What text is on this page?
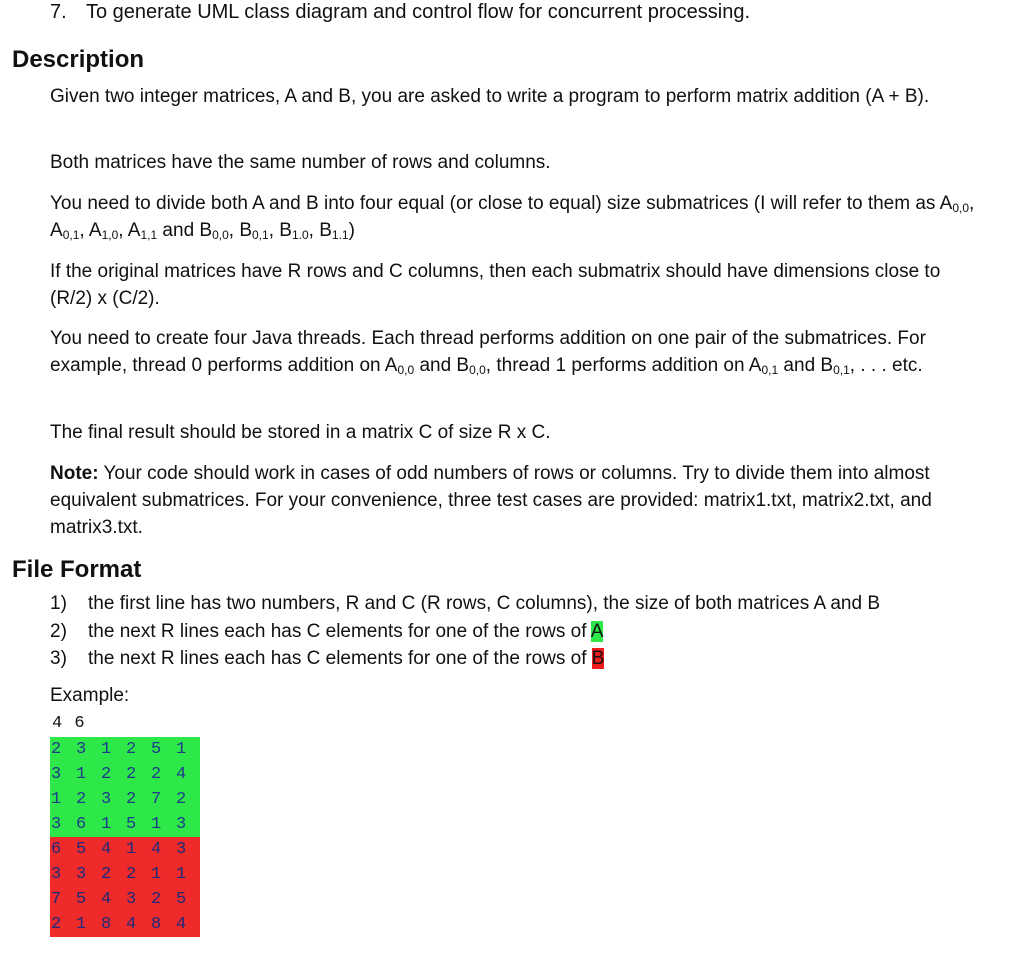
7. To generate UML class diagram and control flow for concurrent processing.
Description
Given two integer matrices, A and B, you are asked to write a program to perform matrix addition (A + B).
Both matrices have the same number of rows and columns.
You need to divide both A and B into four equal (or close to equal) size submatrices (I will refer to them as $A_{0,0}$, $A_{0,1}$, $A_{1,0}$, $A_{1,1}$ and $B_{0,0}$, $B_{0,1}$, $B_{1.0}$, $B_{1.1}$)
If the original matrices have R rows and C columns, then each submatrix should have dimensions close to (R/2) x (C/2).
You need to create four Java threads. Each thread performs addition on one pair of the submatrices. For example, thread 0 performs addition on $A_{0,0}$ and $B_{0,0}$, thread 1 performs addition on $A_{0,1}$ and $B_{0,1}$, . . . etc.
The final result should be stored in a matrix C of size R x C.
Note: Your code should work in cases of odd numbers of rows or columns. Try to divide them into almost equivalent submatrices. For your convenience, three test cases are provided: matrix1.txt, matrix2.txt, and matrix3.txt.
File Format
1) the first line has two numbers, R and C (R rows, C columns), the size of both matrices A and B
2) the next R lines each has C elements for one of the rows of A
3) the next R lines each has C elements for one of the rows of B
Example:
4 6
2 3 1 2 5 1
3 1 2 2 2 4
1 2 3 2 7 2
3 6 1 5 1 3
6 5 4 1 4 3
3 3 2 2 1 1
7 5 4 3 2 5
2 1 8 4 8 4
